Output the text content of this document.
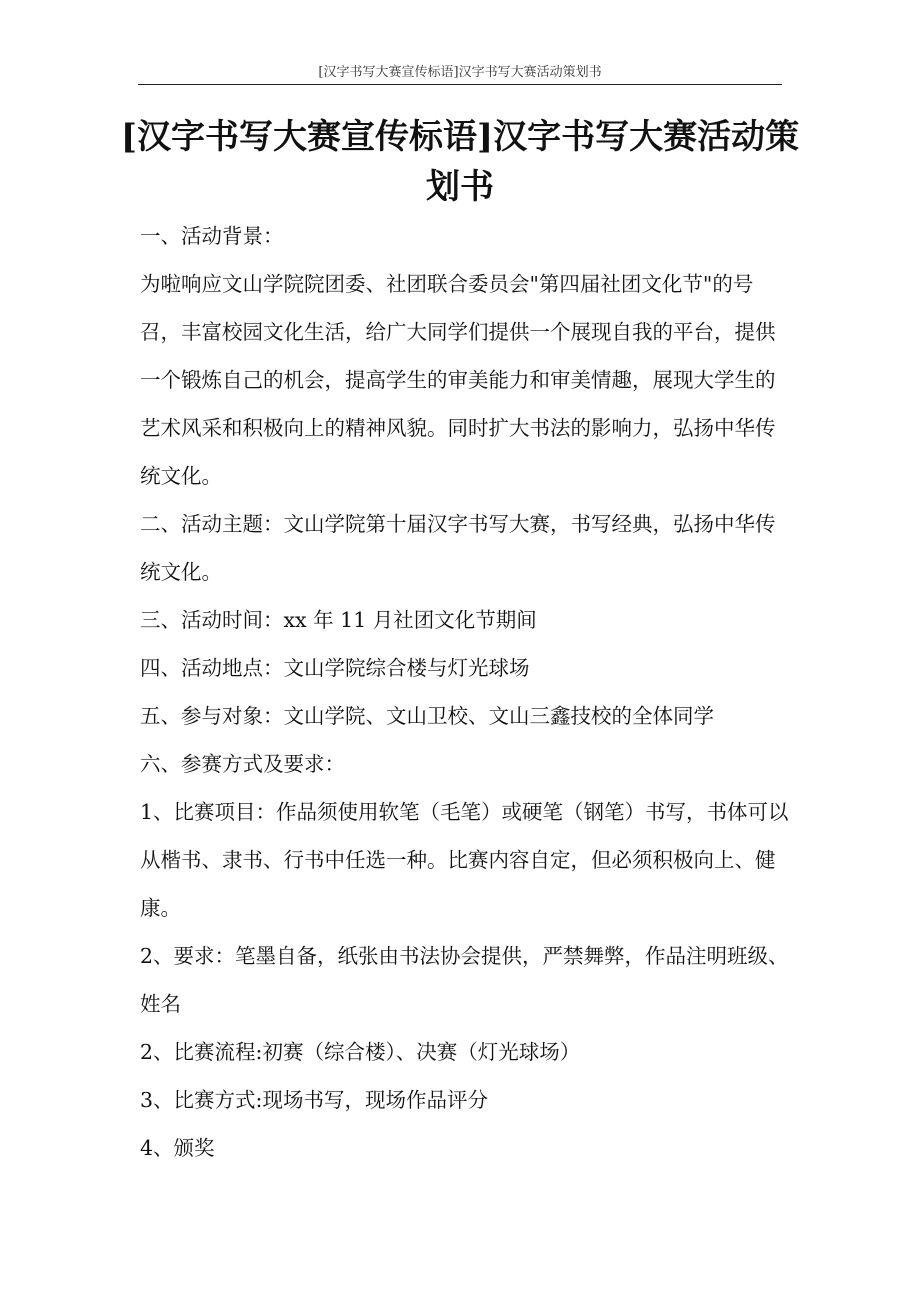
[汉字书写大赛宣传标语]汉字书写大赛活动策划书
[汉字书写大赛宣传标语]汉字书写大赛活动策划书

一、活动背景：

为啦响应文山学院院团委、社团联合委员会"第四届社团文化节"的号召，丰富校园文化生活，给广大同学们提供一个展现自我的平台，提供一个锻炼自己的机会，提高学生的审美能力和审美情趣，展现大学生的艺术风采和积极向上的精神风貌。同时扩大书法的影响力，弘扬中华传统文化。

二、活动主题：文山学院第十届汉字书写大赛，书写经典，弘扬中华传统文化。

三、活动时间：xx 年 11 月社团文化节期间

四、活动地点：文山学院综合楼与灯光球场

五、参与对象：文山学院、文山卫校、文山三鑫技校的全体同学

六、参赛方式及要求：

1、比赛项目：作品须使用软笔（毛笔）或硬笔（钢笔）书写，书体可以从楷书、隶书、行书中任选一种。比赛内容自定，但必须积极向上、健康。

2、要求：笔墨自备，纸张由书法协会提供，严禁舞弊，作品注明班级、姓名

2、比赛流程:初赛（综合楼）、决赛（灯光球场）

3、比赛方式:现场书写，现场作品评分

4、颁奖
